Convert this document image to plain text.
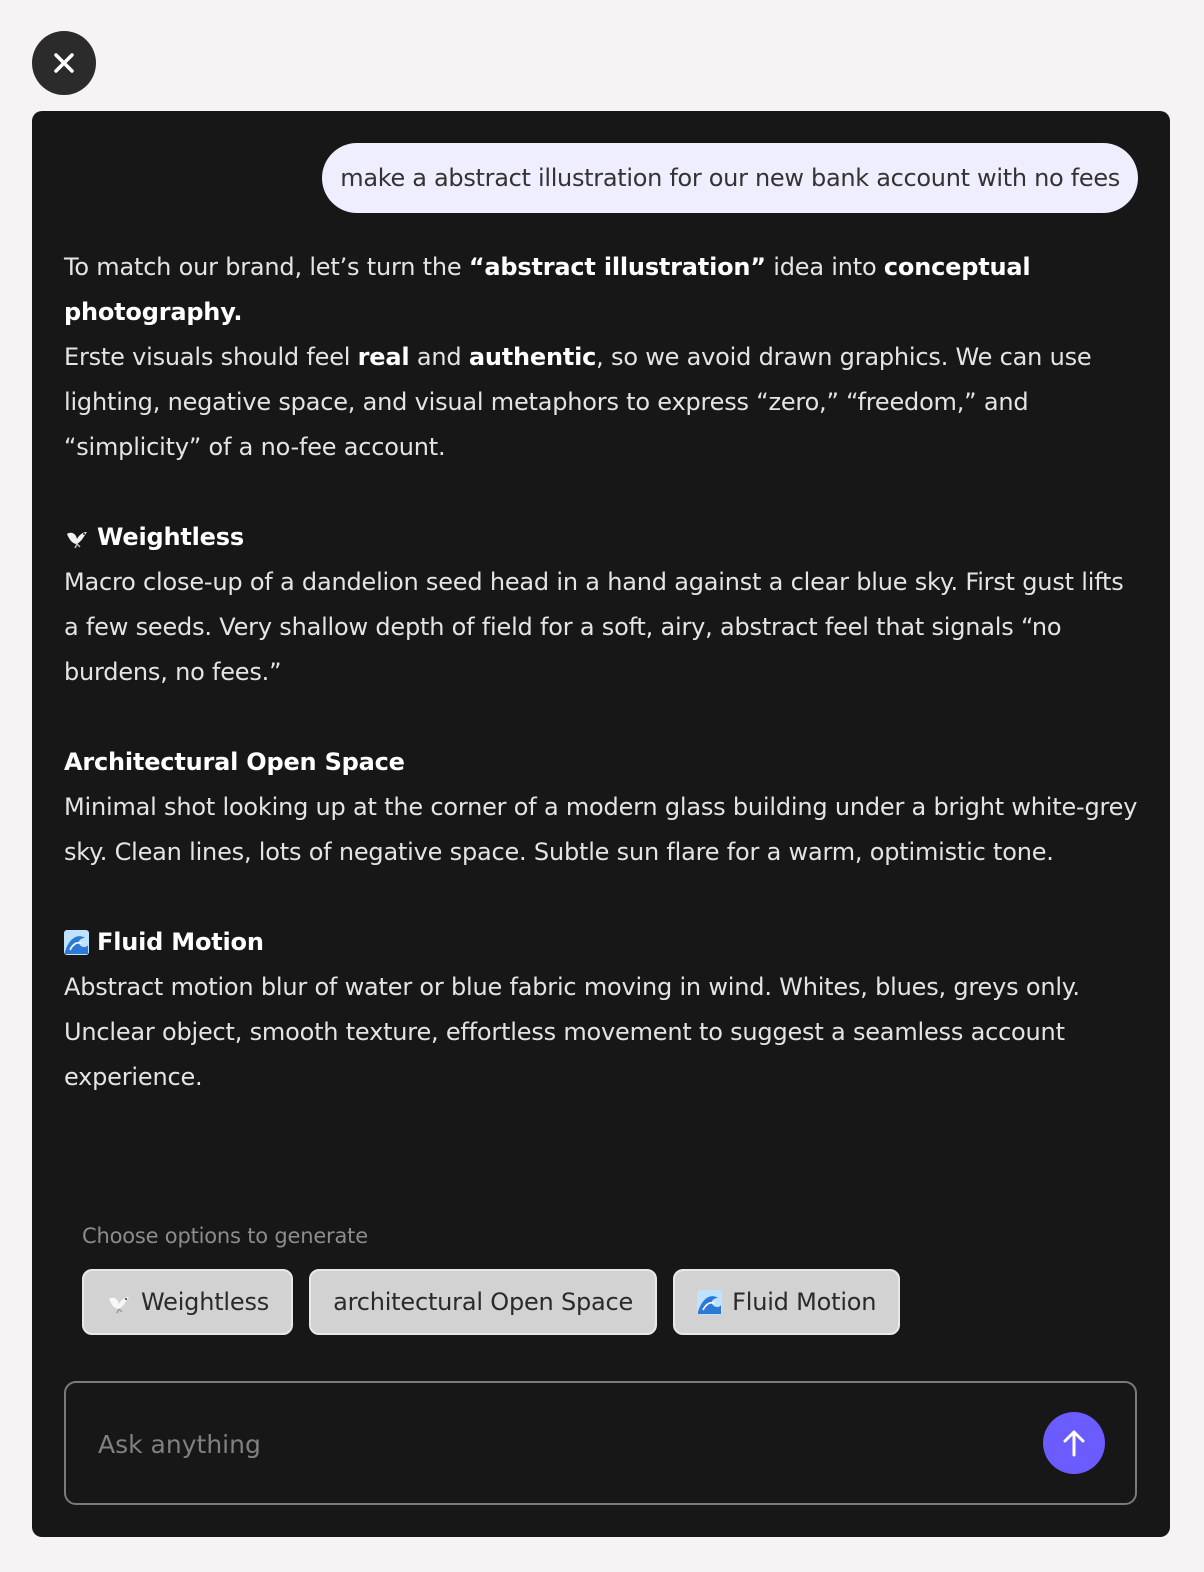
make a abstract illustration for our new bank account with no fees

To match our brand, let’s turn the “abstract illustration” idea into conceptual photography.

Erste visuals should feel real and authentic, so we avoid drawn graphics. We can use lighting, negative space, and visual metaphors to express “zero,” “freedom,” and “simplicity” of a no-fee account.

Weightless

Macro close-up of a dandelion seed head in a hand against a clear blue sky. First gust lifts a few seeds. Very shallow depth of field for a soft, airy, abstract feel that signals “no burdens, no fees.”

Architectural Open Space

Minimal shot looking up at the corner of a modern glass building under a bright white-grey sky. Clean lines, lots of negative space. Subtle sun flare for a warm, optimistic tone.

Fluid Motion

Abstract motion blur of water or blue fabric moving in wind. Whites, blues, greys only. Unclear object, smooth texture, effortless movement to suggest a seamless account experience.

Choose options to generate
Weightless	architectural Open Space	Fluid Motion
Ask anything
